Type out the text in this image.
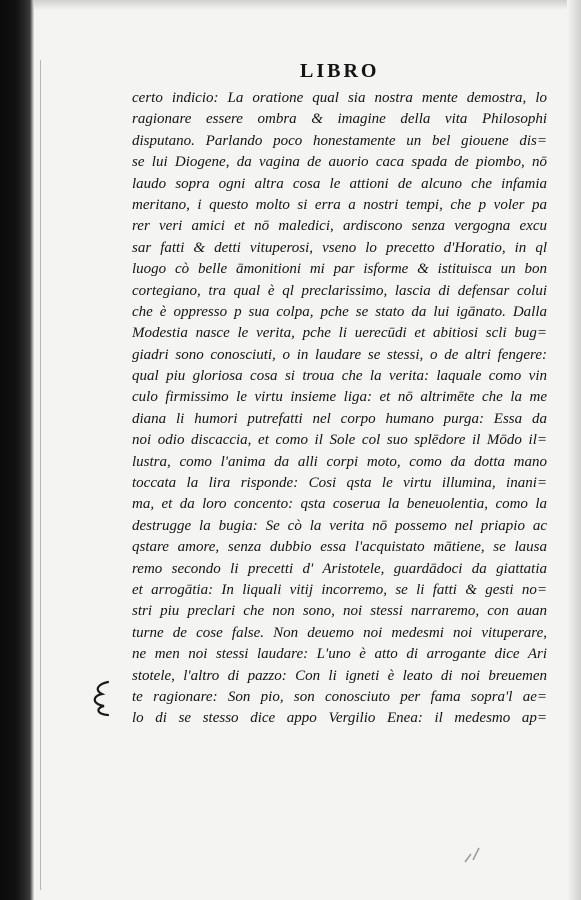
LIBRO
certo indicio: La oratione qual sia nostra mente demostra, lo
ragionare essere ombra & imagine della vita Philosophi
disputano. Parlando poco honestamente un bel giouene dis=
se lui Diogene, da vagina de auorio caca spada de piombo, nō
laudo sopra ogni altra cosa le attioni de alcuno che infamia
meritano, i questo molto si erra a nostri tempi, che p voler pa
rer veri amici et nō maledici, ardiscono senza vergogna excu
sar fatti & detti vituperosi, vseno lo precetto d'Horatio, in ql
luogo cò belle āmonitioni mi par isforme & istituisca un bon
cortegiano, tra qual è ql preclarissimo, lascia di defensar colui
che è oppresso p sua colpa, pche se stato da lui igānato. Dalla
Modestia nasce le verita, pche li uerecūdi et abitiosi scli bug=
giadri sono conosciuti, o in laudare se stessi, o de altri fengere:
qual piu gloriosa cosa si troua che la verita: laquale como vin
culo firmissimo le virtu insieme liga: et nō altrimēte che la me
diana li humori putrefatti nel corpo humano purga: Essa da
noi odio discaccia, et como il Sole col suo splēdore il Mōdo il=
lustra, como l'anima da alli corpi moto, como da dotta mano
toccata la lira risponde: Cosi qsta le virtu illumina, inani=
ma, et da loro concento: qsta coserua la beneuolentia, como la
destrugge la bugia: Se cò la verita nō possemo nel priapio ac
qstare amore, senza dubbio essa l'acquistato mātiene, se lausa
remo secondo li precetti d' Aristotele, guardādoci da giattatia
et arrogātia: In liquali vitij incorremo, se li fatti & gesti no=
stri piu preclari che non sono, noi stessi narraremo, con auan
turne de cose false. Non deuemo noi medesmi noi vituperare,
ne men noi stessi laudare: L'uno è atto di arrogante dice Ari
stotele, l'altro di pazzo: Con li igneti è leato di noi breuemen
te ragionare: Son pio, son conosciuto per fama sopra'l ae=
lo di se stesso dice appo Vergilio Enea: il medesmo ap=
